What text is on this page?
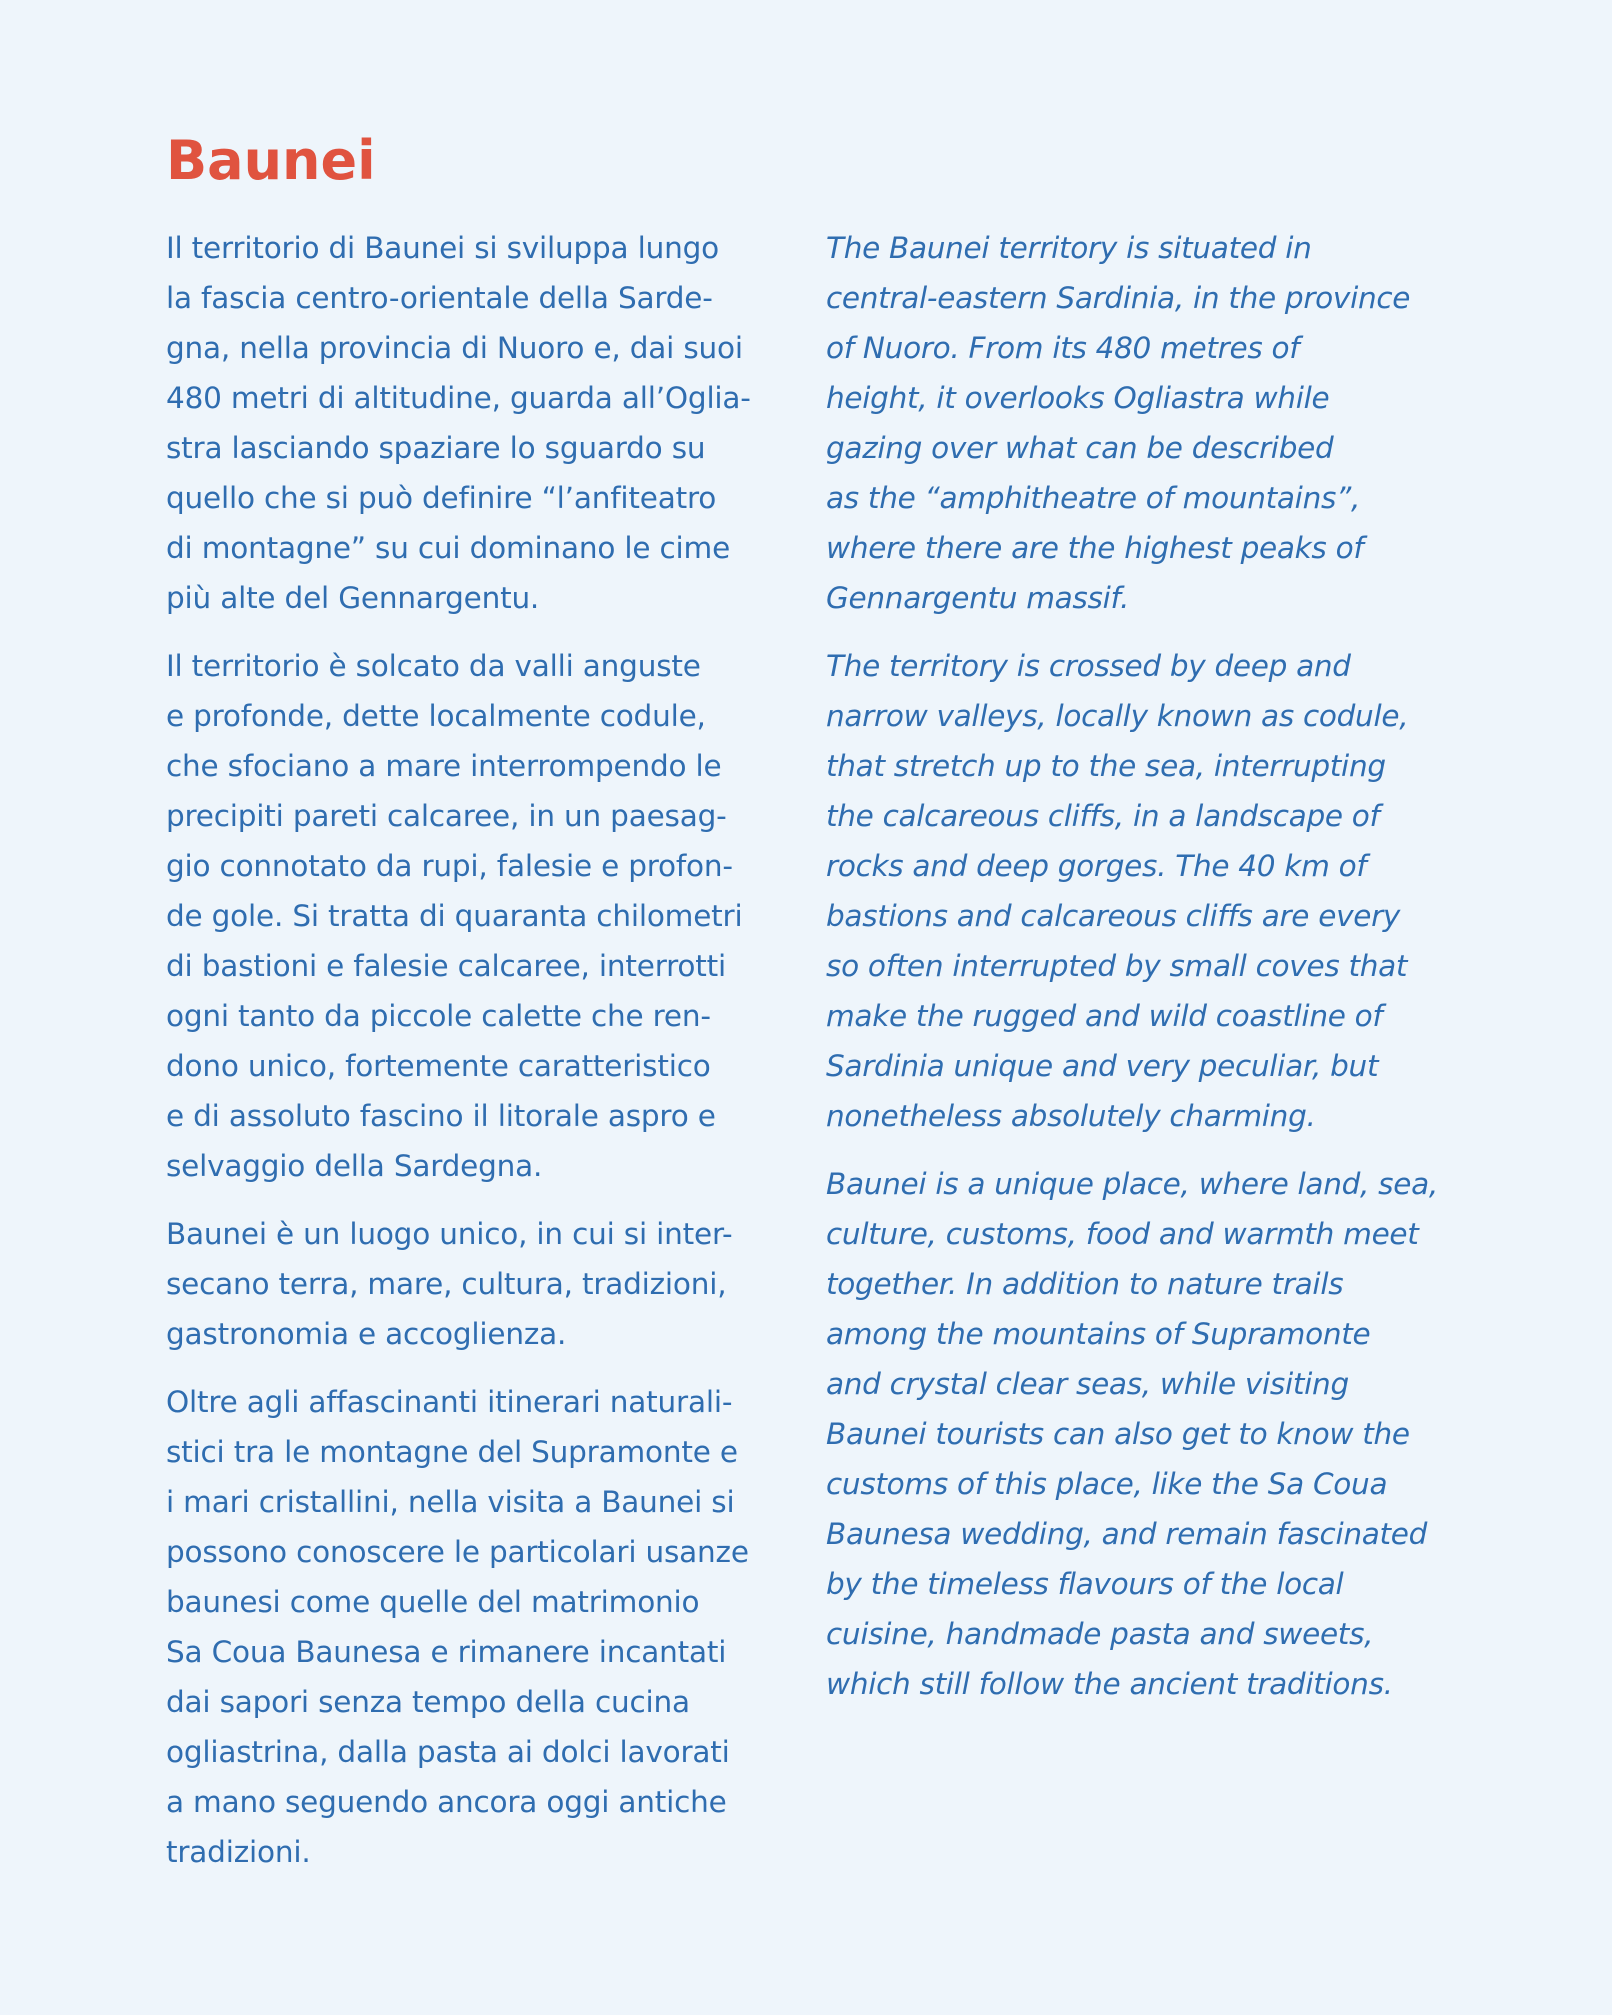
Baunei

Il territorio di Baunei si sviluppa lungo
la fascia centro-orientale della Sarde-
gna, nella provincia di Nuoro e, dai suoi
480 metri di altitudine, guarda all’Oglia-
stra lasciando spaziare lo sguardo su
quello che si può definire “l’anfiteatro
di montagne” su cui dominano le cime
più alte del Gennargentu.

Il territorio è solcato da valli anguste
e profonde, dette localmente codule,
che sfociano a mare interrompendo le
precipiti pareti calcaree, in un paesag-
gio connotato da rupi, falesie e profon-
de gole. Si tratta di quaranta chilometri
di bastioni e falesie calcaree, interrotti
ogni tanto da piccole calette che ren-
dono unico, fortemente caratteristico
e di assoluto fascino il litorale aspro e
selvaggio della Sardegna.

Baunei è un luogo unico, in cui si inter-
secano terra, mare, cultura, tradizioni,
gastronomia e accoglienza.

Oltre agli affascinanti itinerari naturali-
stici tra le montagne del Supramonte e
i mari cristallini, nella visita a Baunei si
possono conoscere le particolari usanze
baunesi come quelle del matrimonio
Sa Coua Baunesa e rimanere incantati
dai sapori senza tempo della cucina
ogliastrina, dalla pasta ai dolci lavorati
a mano seguendo ancora oggi antiche
tradizioni.

The Baunei territory is situated in
central-eastern Sardinia, in the province
of Nuoro. From its 480 metres of
height, it overlooks Ogliastra while
gazing over what can be described
as the “amphitheatre of mountains”,
where there are the highest peaks of
Gennargentu massif.

The territory is crossed by deep and
narrow valleys, locally known as codule,
that stretch up to the sea, interrupting
the calcareous cliffs, in a landscape of
rocks and deep gorges. The 40 km of
bastions and calcareous cliffs are every
so often interrupted by small coves that
make the rugged and wild coastline of
Sardinia unique and very peculiar, but
nonetheless absolutely charming.

Baunei is a unique place, where land, sea,
culture, customs, food and warmth meet
together. In addition to nature trails
among the mountains of Supramonte
and crystal clear seas, while visiting
Baunei tourists can also get to know the
customs of this place, like the Sa Coua
Baunesa wedding, and remain fascinated
by the timeless flavours of the local
cuisine, handmade pasta and sweets,
which still follow the ancient traditions.
